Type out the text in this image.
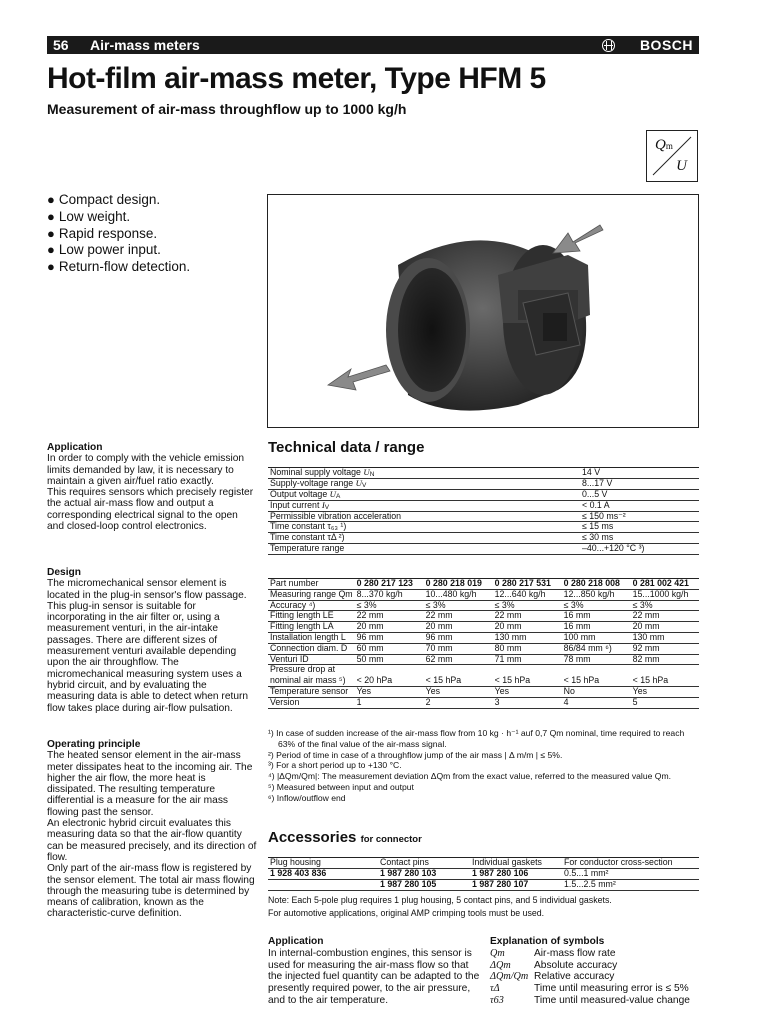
56 Air-mass meters	BOSCH
Hot-film air-mass meter, Type HFM 5
Measurement of air-mass throughflow up to 1000 kg/h
Qm
U
● Compact design.
● Low weight.
● Rapid response.
● Low power input.
● Return-flow detection.
Application

In order to comply with the vehicle emission limits demanded by law, it is necessary to maintain a given air/fuel ratio exactly.

This requires sensors which precisely register the actual air-mass flow and output a corresponding electrical signal to the open and closed-loop control electronics.

Design

The micromechanical sensor element is located in the plug-in sensor's flow passage. This plug-in sensor is suitable for incorporating in the air filter or, using a measurement venturi, in the air-intake passages. There are different sizes of measurement venturi available depending upon the air throughflow. The micromechanical measuring system uses a hybrid circuit, and by evaluating the measuring data is able to detect when return flow takes place during air-flow pulsation.

Operating principle

The heated sensor element in the air-mass meter dissipates heat to the incoming air. The higher the air flow, the more heat is dissipated. The resulting temperature differential is a measure for the air mass flowing past the sensor.

An electronic hybrid circuit evaluates this measuring data so that the air-flow quantity can be measured precisely, and its direction of flow.

Only part of the air-mass flow is registered by the sensor element. The total air mass flowing through the measuring tube is determined by means of calibration, known as the characteristic-curve definition.

Technical data / range
Nominal supply voltage $U_N$	14 V
Supply-voltage range $U_V$	8...17 V
Output voltage $U_A$	0...5 V
Input current $I_V$	< 0.1 A
Permissible vibration acceleration	≤ 150 ms⁻²
Time constant τ₆₃ ¹)	≤ 15 ms
Time constant τΔ ²)	≤ 30 ms
Temperature range	–40...+120 °C ³)
Part number	0 280 217 123	0 280 218 019	0 280 217 531	0 280 218 008	0 281 002 421
Measuring range Qm	8...370 kg/h	10...480 kg/h	12...640 kg/h	12...850 kg/h	15...1000 kg/h
Accuracy ⁴)	≤ 3%	≤ 3%	≤ 3%	≤ 3%	≤ 3%
Fitting length LE	22 mm	22 mm	22 mm	16 mm	22 mm
Fitting length LA	20 mm	20 mm	20 mm	16 mm	20 mm
Installation length L	96 mm	96 mm	130 mm	100 mm	130 mm
Connection diam. D	60 mm	70 mm	80 mm	86/84 mm ⁶)	92 mm
Venturi ID	50 mm	62 mm	71 mm	78 mm	82 mm
Pressure drop at					
nominal air mass ⁵)	< 20 hPa	< 15 hPa	< 15 hPa	< 15 hPa	< 15 hPa
Temperature sensor	Yes	Yes	Yes	No	Yes
Version	1	2	3	4	5

¹) In case of sudden increase of the air-mass flow from 10 kg · h⁻¹ auf 0,7 Qm nominal, time required to reach

63% of the final value of the air-mass signal.

²) Period of time in case of a throughflow jump of the air mass | Δ m/m | ≤ 5%.

³) For a short period up to +130 °C.

⁴) |ΔQm/Qm|: The measurement deviation ΔQm from the exact value, referred to the measured value Qm.

⁵) Measured between input and output

⁶) Inflow/outflow end

Accessories for connector
Plug housing	Contact pins	Individual gaskets	For conductor cross-section
1 928 403 836	1 987 280 103	1 987 280 106	0.5...1 mm²
	1 987 280 105	1 987 280 107	1.5...2.5 mm²

Note: Each 5-pole plug requires 1 plug housing, 5 contact pins, and 5 individual gaskets.

For automotive applications, original AMP crimping tools must be used.

Application

In internal-combustion engines, this sensor is used for measuring the air-mass flow so that the injected fuel quantity can be adapted to the presently required power, to the air pressure, and to the air temperature.

Explanation of symbols
Qm	Air-mass flow rate
ΔQm	Absolute accuracy
ΔQm/Qm Relative accuracy
τΔ	Time until measuring error is ≤ 5%
τ63	Time until measured-value change
